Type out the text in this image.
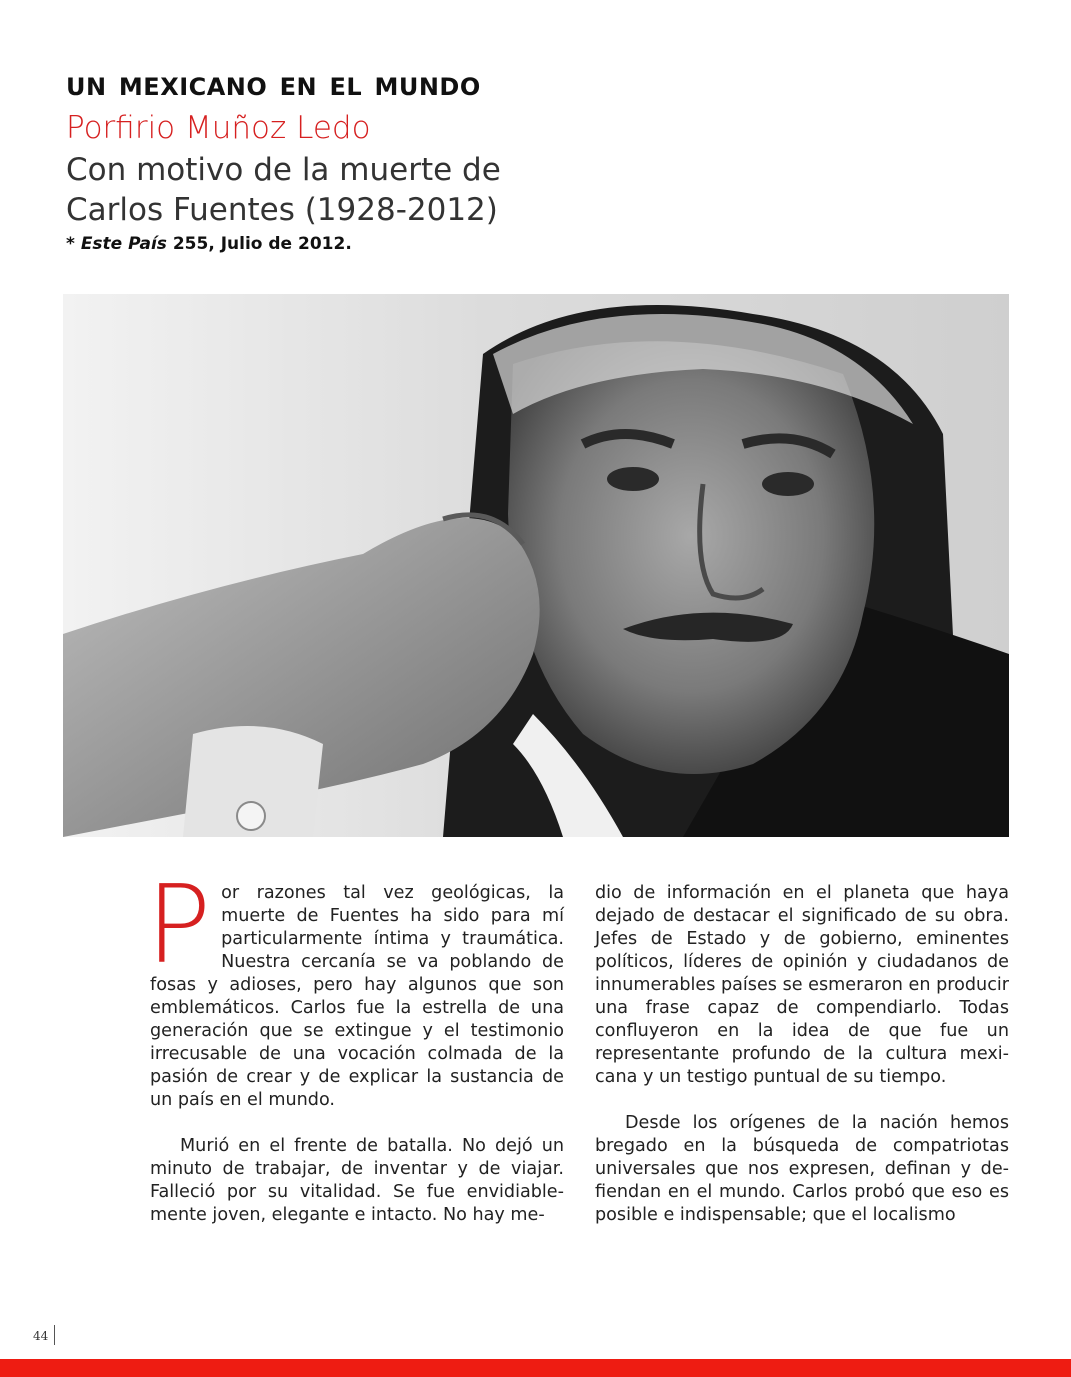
un mexicano en el mundo
Porfirio Muñoz Ledo
Con motivo de la muerte de
Carlos Fuentes (1928-2012)
* Este País 255, Julio de 2012.

Por razones tal vez geológicas, la muerte de Fuentes ha sido para mí particularmente íntima y traumática. Nuestra cercanía se va poblando de fosas y adioses, pero hay algunos que son emblemáticos. Carlos fue la estrella de una generación que se extingue y el testimonio irrecusable de una vocación colmada de la pasión de crear y de explicar la sustancia de un país en el mundo.

Murió en el frente de batalla. No dejó un minuto de trabajar, de inventar y de viajar. Falleció por su vitalidad. Se fue envidiablemente joven, elegante e intacto. No hay me-

dio de información en el planeta que haya dejado de destacar el significado de su obra. Jefes de Estado y de gobierno, eminentes políticos, líderes de opinión y ciudadanos de innumerables países se esmeraron en producir una frase capaz de compendiarlo. Todas confluyeron en la idea de que fue un representante profundo de la cultura mexicana y un testigo puntual de su tiempo.

Desde los orígenes de la nación hemos bregado en la búsqueda de compatriotas universales que nos expresen, definan y defiendan en el mundo. Carlos probó que eso es posible e indispensable; que el localismo

44
